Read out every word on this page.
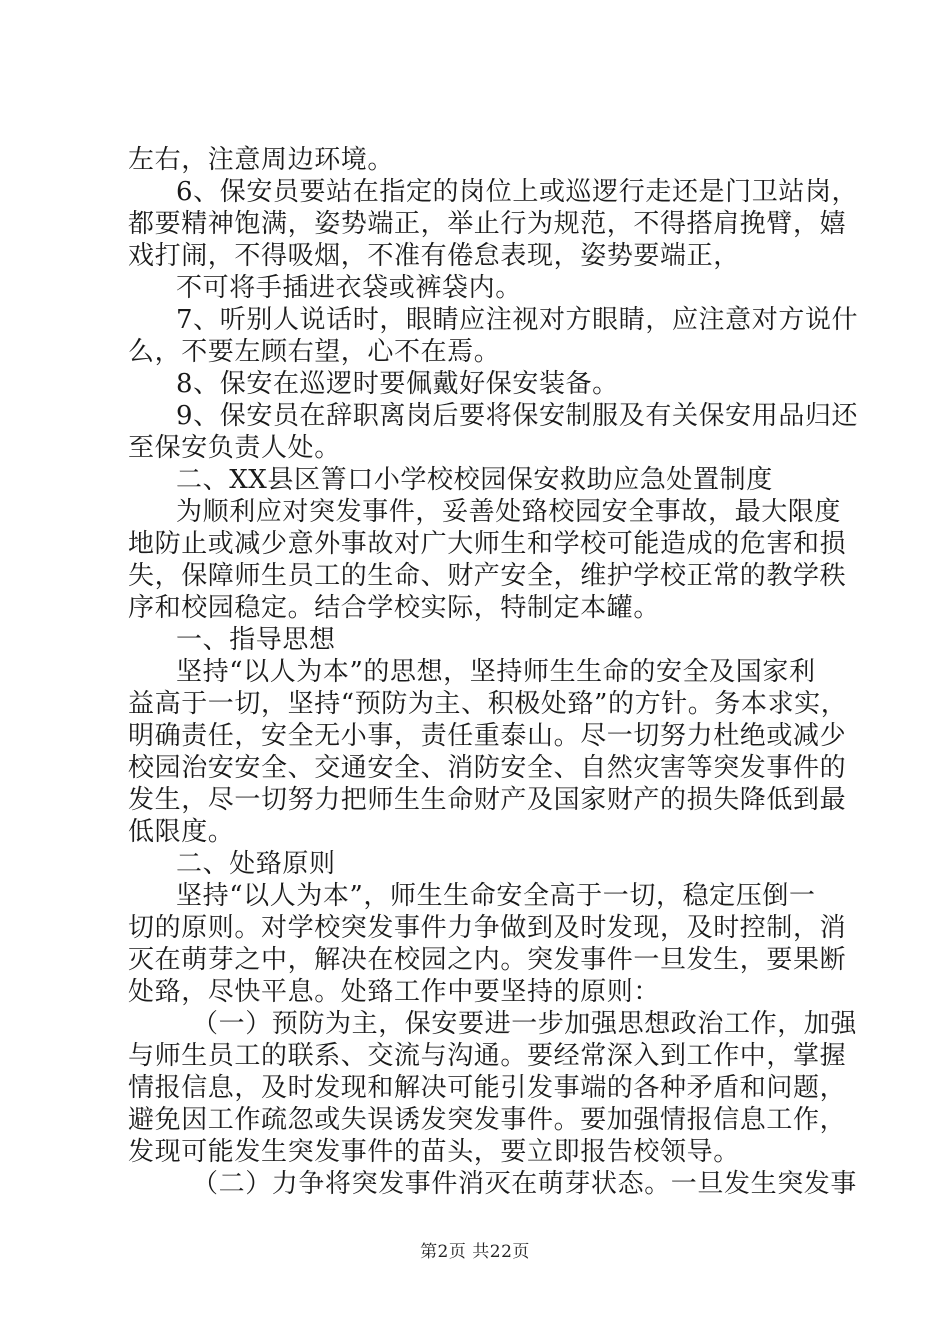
左右，注意周边环境。
6、保安员要站在指定的岗位上或巡逻行走还是门卫站岗，
都要精神饱满，姿势端正，举止行为规范，不得搭肩挽臂，嬉
戏打闹，不得吸烟，不准有倦怠表现，姿势要端正，
不可将手插进衣袋或裤袋内。
7、听别人说话时，眼睛应注视对方眼睛，应注意对方说什
么，不要左顾右望，心不在焉。
8、保安在巡逻时要佩戴好保安装备。
9、保安员在辞职离岗后要将保安制服及有关保安用品归还
至保安负责人处。
二、XX县区箐口小学校校园保安救助应急处置制度
为顺利应对突发事件，妥善处臵校园安全事故，最大限度
地防止或减少意外事故对广大师生和学校可能造成的危害和损
失，保障师生员工的生命、财产安全，维护学校正常的教学秩
序和校园稳定。结合学校实际，特制定本罐。
一、指导思想
坚持“以人为本”的思想，坚持师生生命的安全及国家利
益高于一切，坚持“预防为主、积极处臵”的方针。务本求实，
明确责任，安全无小事，责任重泰山。尽一切努力杜绝或减少
校园治安安全、交通安全、消防安全、自然灾害等突发事件的
发生，尽一切努力把师生生命财产及国家财产的损失降低到最
低限度。
二、处臵原则
坚持“以人为本”，师生生命安全高于一切，稳定压倒一
切的原则。对学校突发事件力争做到及时发现，及时控制，消
灭在萌芽之中，解决在校园之内。突发事件一旦发生，要果断
处臵，尽快平息。处臵工作中要坚持的原则：
（一）预防为主，保安要进一步加强思想政治工作，加强
与师生员工的联系、交流与沟通。要经常深入到工作中，掌握
情报信息，及时发现和解决可能引发事端的各种矛盾和问题，
避免因工作疏忽或失误诱发突发事件。要加强情报信息工作，
发现可能发生突发事件的苗头，要立即报告校领导。
（二）力争将突发事件消灭在萌芽状态。一旦发生突发事
第2页 共22页
